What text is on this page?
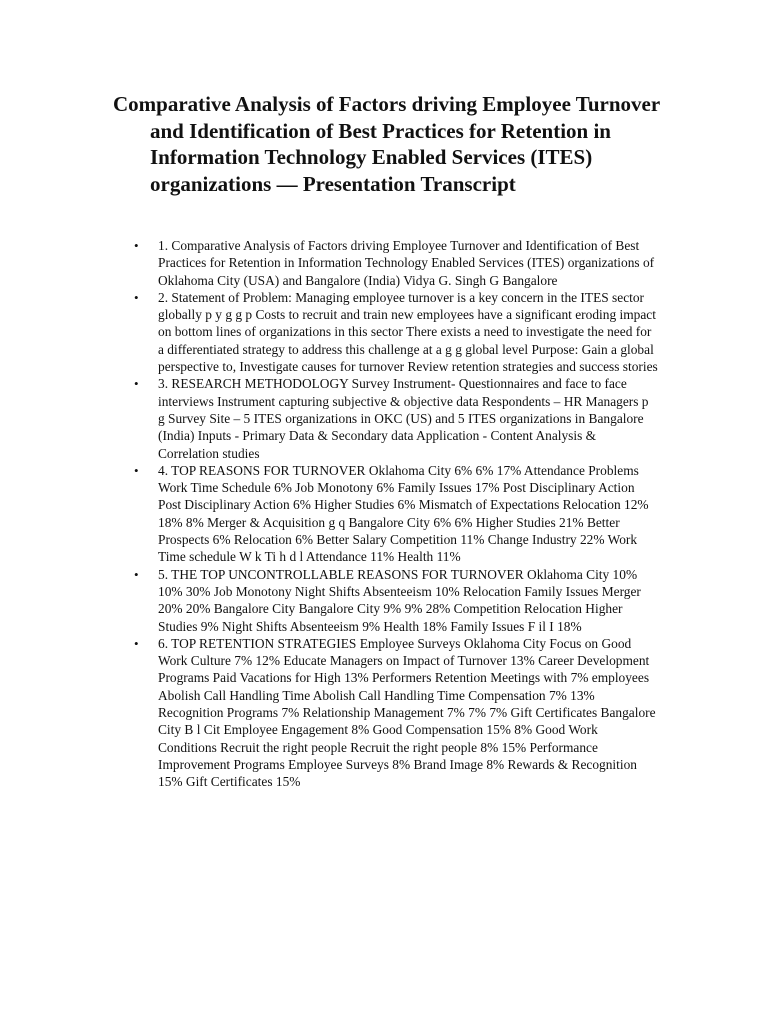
Comparative Analysis of Factors driving Employee Turnover and Identification of Best Practices for Retention in Information Technology Enabled Services (ITES) organizations — Presentation Transcript
• 1. Comparative Analysis of Factors driving Employee Turnover and Identification of Best Practices for Retention in Information Technology Enabled Services (ITES) organizations of Oklahoma City (USA) and Bangalore (India) Vidya G. Singh G Bangalore
• 2. Statement of Problem: Managing employee turnover is a key concern in the ITES sector globally p y g g p Costs to recruit and train new employees have a significant eroding impact on bottom lines of organizations in this sector There exists a need to investigate the need for a differentiated strategy to address this challenge at a g g global level Purpose: Gain a global perspective to, Investigate causes for turnover Review retention strategies and success stories
• 3. RESEARCH METHODOLOGY Survey Instrument- Questionnaires and face to face interviews Instrument capturing subjective & objective data Respondents – HR Managers p g Survey Site – 5 ITES organizations in OKC (US) and 5 ITES organizations in Bangalore (India) Inputs - Primary Data & Secondary data Application - Content Analysis & Correlation studies
• 4. TOP REASONS FOR TURNOVER Oklahoma City 6% 6% 17% Attendance Problems Work Time Schedule 6% Job Monotony 6% Family Issues 17% Post Disciplinary Action Post Disciplinary Action 6% Higher Studies 6% Mismatch of Expectations Relocation 12% 18% 8% Merger & Acquisition g q Bangalore City 6% 6% Higher Studies 21% Better Prospects 6% Relocation 6% Better Salary Competition 11% Change Industry 22% Work Time schedule W k Ti h d l Attendance 11% Health 11%
• 5. THE TOP UNCONTROLLABLE REASONS FOR TURNOVER Oklahoma City 10% 10% 30% Job Monotony Night Shifts Absenteeism 10% Relocation Family Issues Merger 20% 20% Bangalore City Bangalore City 9% 9% 28% Competition Relocation Higher Studies 9% Night Shifts Absenteeism 9% Health 18% Family Issues F il I 18%
• 6. TOP RETENTION STRATEGIES Employee Surveys Oklahoma City Focus on Good Work Culture 7% 12% Educate Managers on Impact of Turnover 13% Career Development Programs Paid Vacations for High 13% Performers Retention Meetings with 7% employees Abolish Call Handling Time Abolish Call Handling Time Compensation 7% 13% Recognition Programs 7% Relationship Management 7% 7% 7% Gift Certificates Bangalore City B l Cit Employee Engagement 8% Good Compensation 15% 8% Good Work Conditions Recruit the right people Recruit the right people 8% 15% Performance Improvement Programs Employee Surveys 8% Brand Image 8% Rewards & Recognition 15% Gift Certificates 15%
